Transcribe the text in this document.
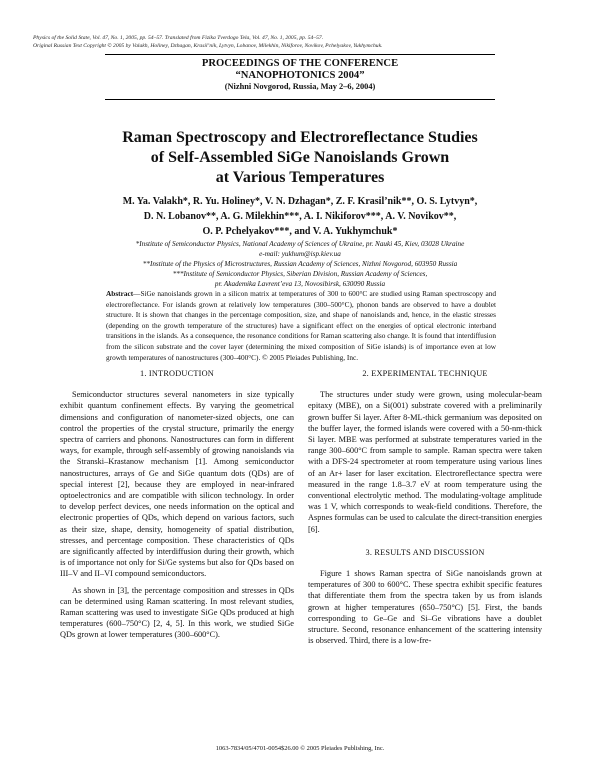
Physics of the Solid State, Vol. 47, No. 1, 2005, pp. 54–57. Translated from Fizika Tverdogo Tela, Vol. 47, No. 1, 2005, pp. 54–57.
Original Russian Text Copyright © 2005 by Valakh, Holiney, Dzhagan, Krasil’nik, Lytvyn, Lobanov, Milekhin, Nikiforov, Novikov, Pchelyakov, Yukhymchuk.
PROCEEDINGS OF THE CONFERENCE
“NANOPHOTONICS 2004”
(Nizhni Novgorod, Russia, May 2–6, 2004)
Raman Spectroscopy and Electroreflectance Studies
of Self-Assembled SiGe Nanoislands Grown
at Various Temperatures
M. Ya. Valakh*, R. Yu. Holiney*, V. N. Dzhagan*, Z. F. Krasil’nik**, O. S. Lytvyn*,
D. N. Lobanov**, A. G. Milekhin***, A. I. Nikiforov***, A. V. Novikov**,
O. P. Pchelyakov***, and V. A. Yukhymchuk*
*Institute of Semiconductor Physics, National Academy of Sciences of Ukraine, pr. Nauki 45, Kiev, 03028 Ukraine
e-mail: yukhum@isp.kiev.ua
**Institute of the Physics of Microstructures, Russian Academy of Sciences, Nizhni Novgorod, 603950 Russia
***Institute of Semiconductor Physics, Siberian Division, Russian Academy of Sciences,
pr. Akademika Lavrent’eva 13, Novosibirsk, 630090 Russia
Abstract—SiGe nanoislands grown in a silicon matrix at temperatures of 300 to 600°C are studied using Raman spectroscopy and electroreflectance. For islands grown at relatively low temperatures (300–500°C), phonon bands are observed to have a doublet structure. It is shown that changes in the percentage composition, size, and shape of nanoislands and, hence, in the elastic stresses (depending on the growth temperature of the structures) have a significant effect on the energies of optical electronic interband transitions in the islands. As a consequence, the resonance conditions for Raman scattering also change. It is found that interdiffusion from the silicon substrate and the cover layer (determining the mixed composition of SiGe islands) is of importance even at low growth temperatures of nanostructures (300–400°C). © 2005 Pleiades Publishing, Inc.
1. INTRODUCTION

Semiconductor structures several nanometers in size typically exhibit quantum confinement effects. By varying the geometrical dimensions and configuration of nanometer-sized objects, one can control the properties of the crystal structure, primarily the energy spectra of carriers and phonons. Nanostructures can form in different ways, for example, through self-assembly of growing nanoislands via the Stranski–Krastanow mechanism [1]. Among semiconductor nanostructures, arrays of Ge and SiGe quantum dots (QDs) are of special interest [2], because they are employed in near-infrared optoelectronics and are compatible with silicon technology. In order to develop perfect devices, one needs information on the optical and electronic properties of QDs, which depend on various factors, such as their size, shape, density, homogeneity of spatial distribution, stresses, and percentage composition. These characteristics of QDs are significantly affected by interdiffusion during their growth, which is of importance not only for Si/Ge systems but also for QDs based on III–V and II–VI compound semiconductors.

As shown in [3], the percentage composition and stresses in QDs can be determined using Raman scattering. In most relevant studies, Raman scattering was used to investigate SiGe QDs produced at high temperatures (600–750°C) [2, 4, 5]. In this work, we studied SiGe QDs grown at lower temperatures (300–600°C).

2. EXPERIMENTAL TECHNIQUE

The structures under study were grown, using molecular-beam epitaxy (MBE), on a Si(001) substrate covered with a preliminarily grown buffer Si layer. After 8-ML-thick germanium was deposited on the buffer layer, the formed islands were covered with a 50-nm-thick Si layer. MBE was performed at substrate temperatures varied in the range 300–600°C from sample to sample. Raman spectra were taken with a DFS-24 spectrometer at room temperature using various lines of an Ar+ laser for laser excitation. Electroreflectance spectra were measured in the range 1.8–3.7 eV at room temperature using the conventional electrolytic method. The modulating-voltage amplitude was 1 V, which corresponds to weak-field conditions. Therefore, the Aspnes formulas can be used to calculate the direct-transition energies [6].

3. RESULTS AND DISCUSSION

Figure 1 shows Raman spectra of SiGe nanoislands grown at temperatures of 300 to 600°C. These spectra exhibit specific features that differentiate them from the spectra taken by us from islands grown at higher temperatures (650–750°C) [5]. First, the bands corresponding to Ge–Ge and Si–Ge vibrations have a doublet structure. Second, resonance enhancement of the scattering intensity is observed. Third, there is a low-fre-

1063-7834/05/4701-0054$26.00 © 2005 Pleiades Publishing, Inc.
